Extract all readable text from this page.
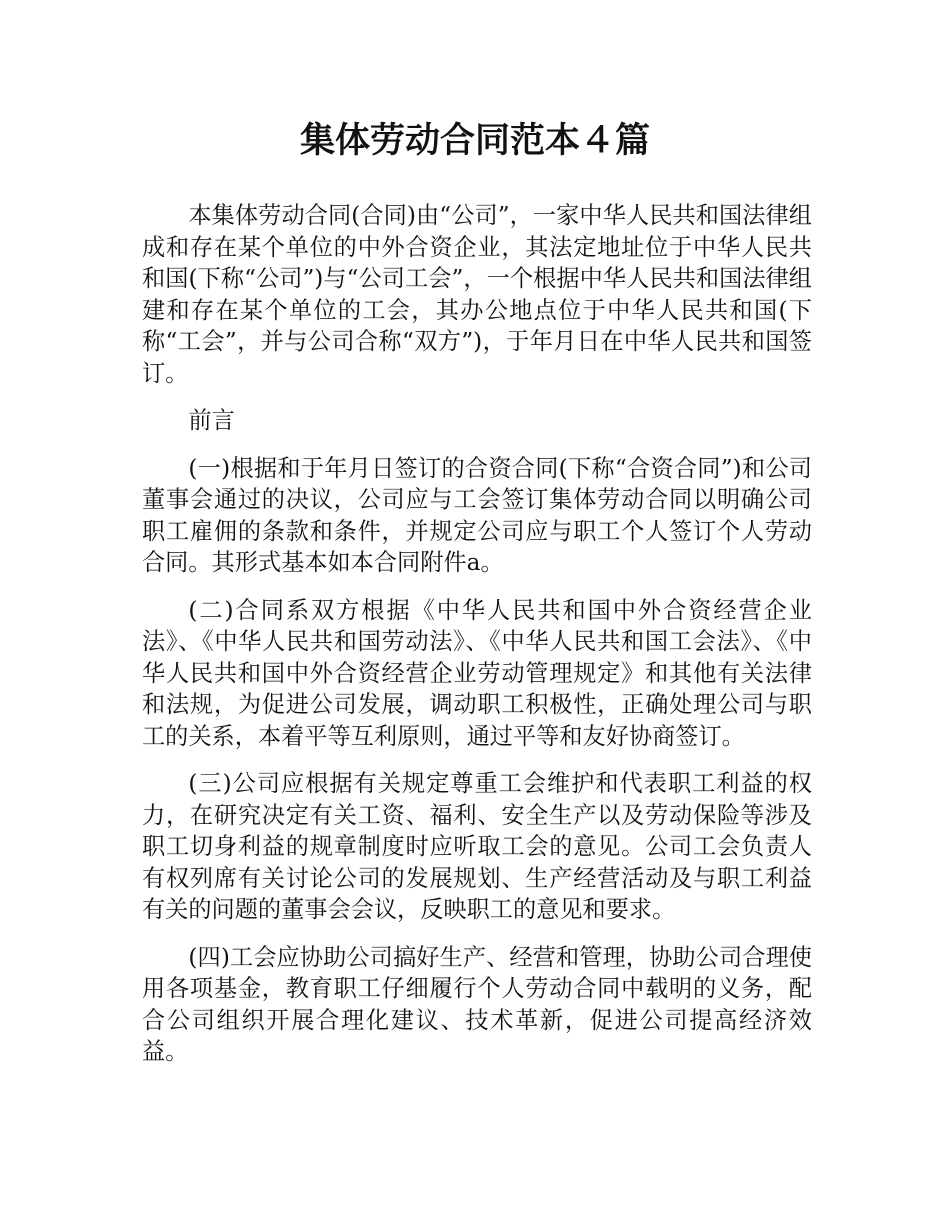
集体劳动合同范本４篇

本集体劳动合同(合同)由“公司”，一家中华人民共和国法律组成和存在某个单位的中外合资企业，其法定地址位于中华人民共和国(下称“公司”)与“公司工会”，一个根据中华人民共和国法律组建和存在某个单位的工会，其办公地点位于中华人民共和国(下称“工会”，并与公司合称“双方”)，于年月日在中华人民共和国签订。

前言

(一)根据和于年月日签订的合资合同(下称“合资合同”)和公司董事会通过的决议，公司应与工会签订集体劳动合同以明确公司职工雇佣的条款和条件，并规定公司应与职工个人签订个人劳动合同。其形式基本如本合同附件a。

(二)合同系双方根据《中华人民共和国中外合资经营企业法》、《中华人民共和国劳动法》、《中华人民共和国工会法》、《中华人民共和国中外合资经营企业劳动管理规定》和其他有关法律和法规，为促进公司发展，调动职工积极性，正确处理公司与职工的关系，本着平等互利原则，通过平等和友好协商签订。

(三)公司应根据有关规定尊重工会维护和代表职工利益的权力，在研究决定有关工资、福利、安全生产以及劳动保险等涉及职工切身利益的规章制度时应听取工会的意见。公司工会负责人有权列席有关讨论公司的发展规划、生产经营活动及与职工利益有关的问题的董事会会议，反映职工的意见和要求。

(四)工会应协助公司搞好生产、经营和管理，协助公司合理使用各项基金，教育职工仔细履行个人劳动合同中载明的义务，配合公司组织开展合理化建议、技术革新，促进公司提高经济效益。
